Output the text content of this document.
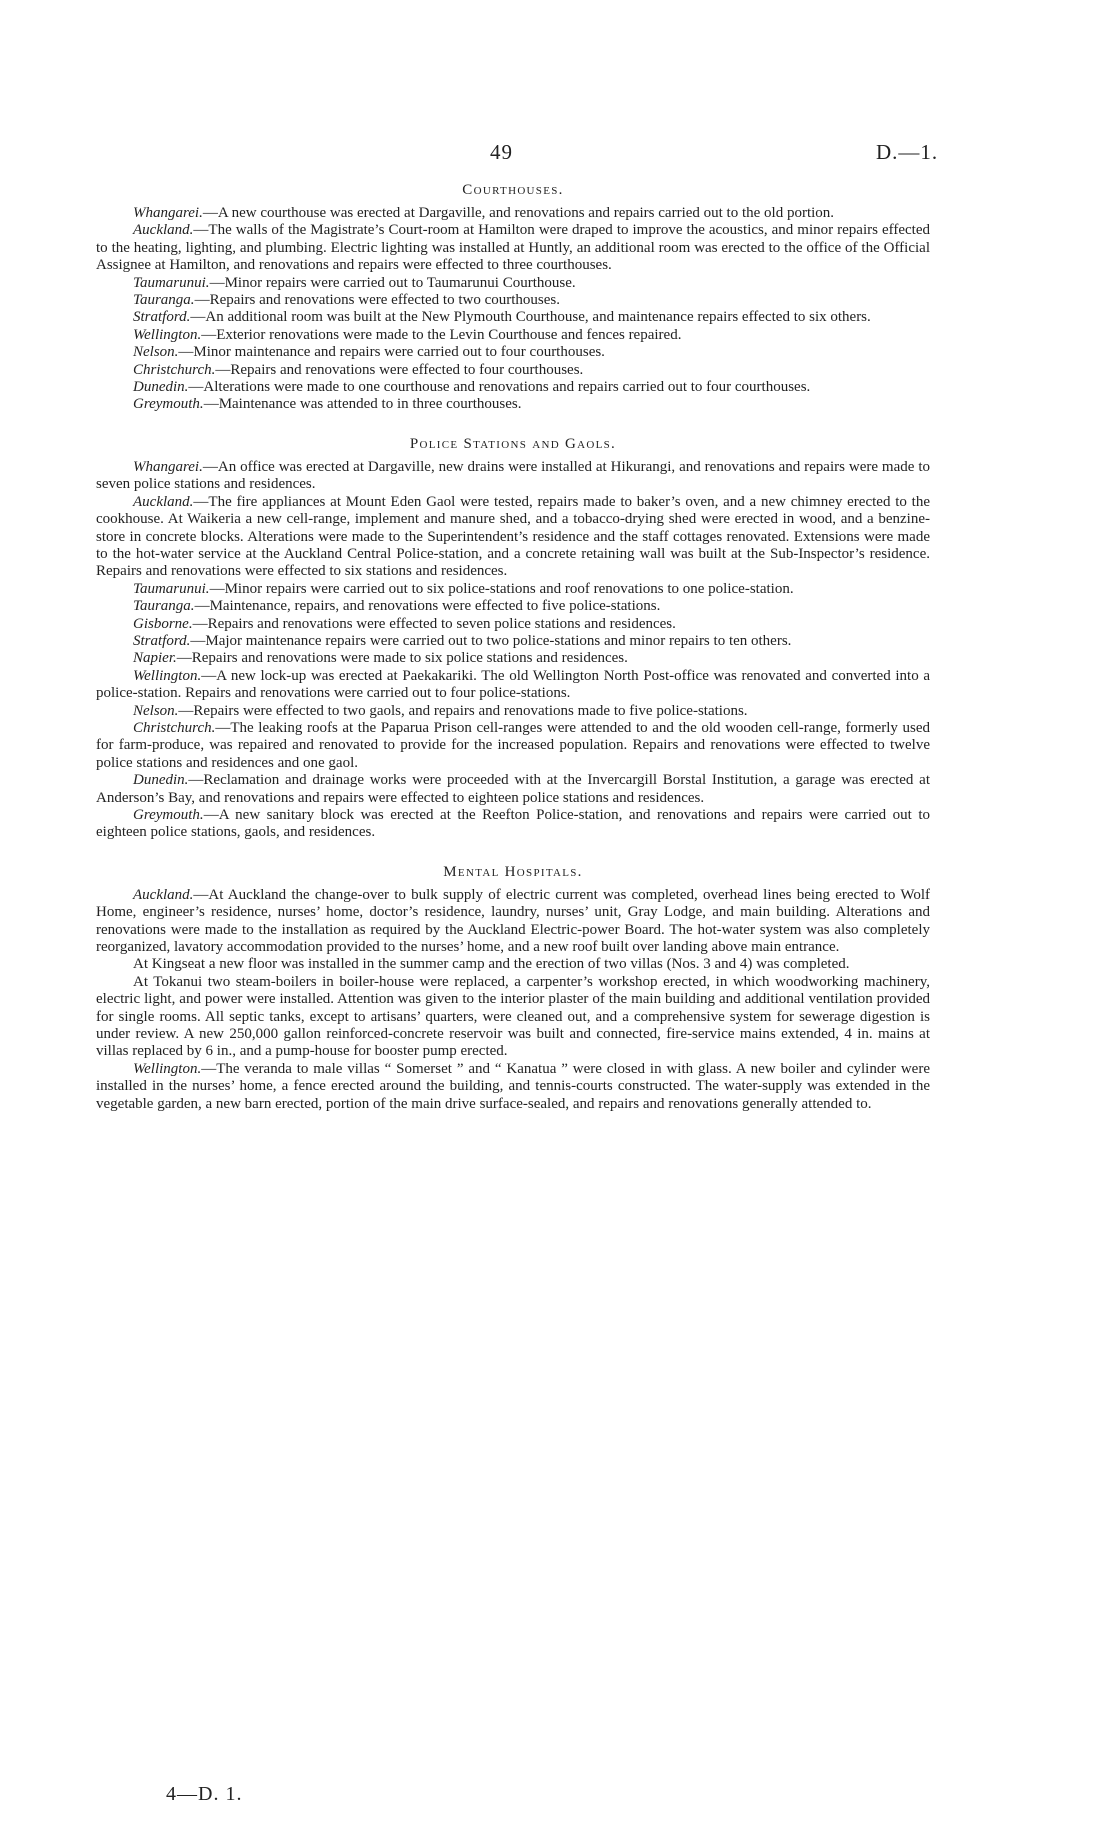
49	D.—1.
Courthouses.

Whangarei.—A new courthouse was erected at Dargaville, and renovations and repairs carried out to the old portion.

Auckland.—The walls of the Magistrate’s Court-room at Hamilton were draped to improve the acoustics, and minor repairs effected to the heating, lighting, and plumbing. Electric lighting was installed at Huntly, an additional room was erected to the office of the Official Assignee at Hamilton, and renovations and repairs were effected to three courthouses.

Taumarunui.—Minor repairs were carried out to Taumarunui Courthouse.

Tauranga.—Repairs and renovations were effected to two courthouses.

Stratford.—An additional room was built at the New Plymouth Courthouse, and maintenance repairs effected to six others.

Wellington.—Exterior renovations were made to the Levin Courthouse and fences repaired.

Nelson.—Minor maintenance and repairs were carried out to four courthouses.

Christchurch.—Repairs and renovations were effected to four courthouses.

Dunedin.—Alterations were made to one courthouse and renovations and repairs carried out to four courthouses.

Greymouth.—Maintenance was attended to in three courthouses.

Police Stations and Gaols.

Whangarei.—An office was erected at Dargaville, new drains were installed at Hikurangi, and renovations and repairs were made to seven police stations and residences.

Auckland.—The fire appliances at Mount Eden Gaol were tested, repairs made to baker’s oven, and a new chimney erected to the cookhouse. At Waikeria a new cell-range, implement and manure shed, and a tobacco-drying shed were erected in wood, and a benzine-store in concrete blocks. Alterations were made to the Superintendent’s residence and the staff cottages renovated. Extensions were made to the hot-water service at the Auckland Central Police-station, and a concrete retaining wall was built at the Sub-Inspector’s residence. Repairs and renovations were effected to six stations and residences.

Taumarunui.—Minor repairs were carried out to six police-stations and roof renovations to one police-station.

Tauranga.—Maintenance, repairs, and renovations were effected to five police-stations.

Gisborne.—Repairs and renovations were effected to seven police stations and residences.

Stratford.—Major maintenance repairs were carried out to two police-stations and minor repairs to ten others.

Napier.—Repairs and renovations were made to six police stations and residences.

Wellington.—A new lock-up was erected at Paekakariki. The old Wellington North Post-office was renovated and converted into a police-station. Repairs and renovations were carried out to four police-stations.

Nelson.—Repairs were effected to two gaols, and repairs and renovations made to five police-stations.

Christchurch.—The leaking roofs at the Paparua Prison cell-ranges were attended to and the old wooden cell-range, formerly used for farm-produce, was repaired and renovated to provide for the increased population. Repairs and renovations were effected to twelve police stations and residences and one gaol.

Dunedin.—Reclamation and drainage works were proceeded with at the Invercargill Borstal Institution, a garage was erected at Anderson’s Bay, and renovations and repairs were effected to eighteen police stations and residences.

Greymouth.—A new sanitary block was erected at the Reefton Police-station, and renovations and repairs were carried out to eighteen police stations, gaols, and residences.

Mental Hospitals.

Auckland.—At Auckland the change-over to bulk supply of electric current was completed, overhead lines being erected to Wolf Home, engineer’s residence, nurses’ home, doctor’s residence, laundry, nurses’ unit, Gray Lodge, and main building. Alterations and renovations were made to the installation as required by the Auckland Electric-power Board. The hot-water system was also completely reorganized, lavatory accommodation provided to the nurses’ home, and a new roof built over landing above main entrance.

At Kingseat a new floor was installed in the summer camp and the erection of two villas (Nos. 3 and 4) was completed.

At Tokanui two steam-boilers in boiler-house were replaced, a carpenter’s workshop erected, in which woodworking machinery, electric light, and power were installed. Attention was given to the interior plaster of the main building and additional ventilation provided for single rooms. All septic tanks, except to artisans’ quarters, were cleaned out, and a comprehensive system for sewerage digestion is under review. A new 250,000 gallon reinforced-concrete reservoir was built and connected, fire-service mains extended, 4 in. mains at villas replaced by 6 in., and a pump-house for booster pump erected.

Wellington.—The veranda to male villas “ Somerset ” and “ Kanatua ” were closed in with glass. A new boiler and cylinder were installed in the nurses’ home, a fence erected around the building, and tennis-courts constructed. The water-supply was extended in the vegetable garden, a new barn erected, portion of the main drive surface-sealed, and repairs and renovations generally attended to.

4—D. 1.
